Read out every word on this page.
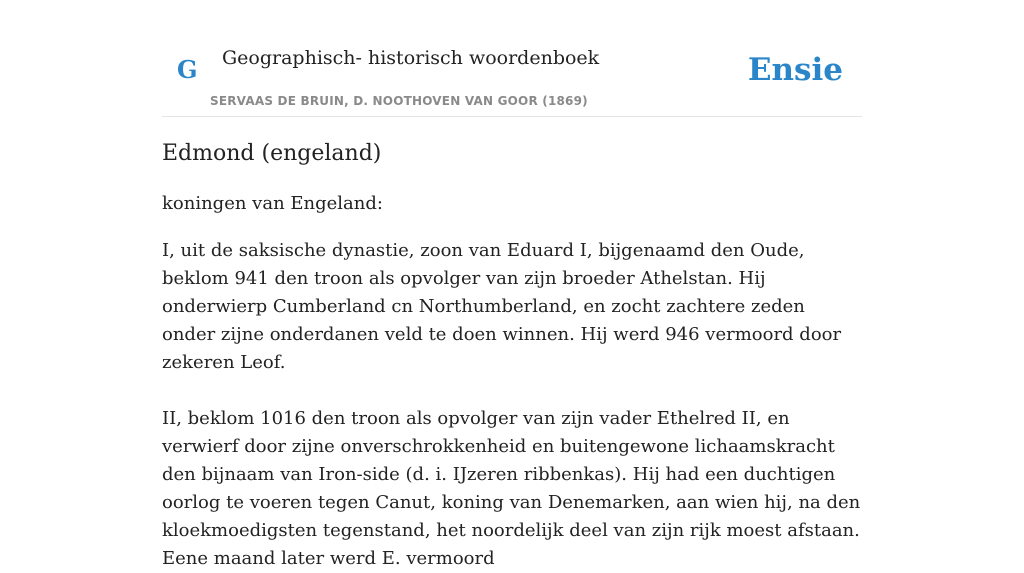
G Geographisch- historisch woordenboek
SERVAAS DE BRUIN, D. NOOTHOVEN VAN GOOR (1869)
Ensie
Edmond (engeland)

koningen van Engeland:

I, uit de saksische dynastie, zoon van Eduard I, bijgenaamd den Oude, beklom 941 den troon als opvolger van zijn broeder Athelstan. Hij onderwierp Cumberland cn Northumberland, en zocht zachtere zeden onder zijne onderdanen veld te doen winnen. Hij werd 946 vermoord door zekeren Leof.

II, beklom 1016 den troon als opvolger van zijn vader Ethelred II, en verwierf door zijne onverschrokkenheid en buitengewone lichaamskracht den bijnaam van Iron-side (d. i. IJzeren ribbenkas). Hij had een duchtigen oorlog te voeren tegen Canut, koning van Denemarken, aan wien hij, na den kloekmoedigsten tegenstand, het noordelijk deel van zijn rijk moest afstaan. Eene maand later werd E. vermoord
